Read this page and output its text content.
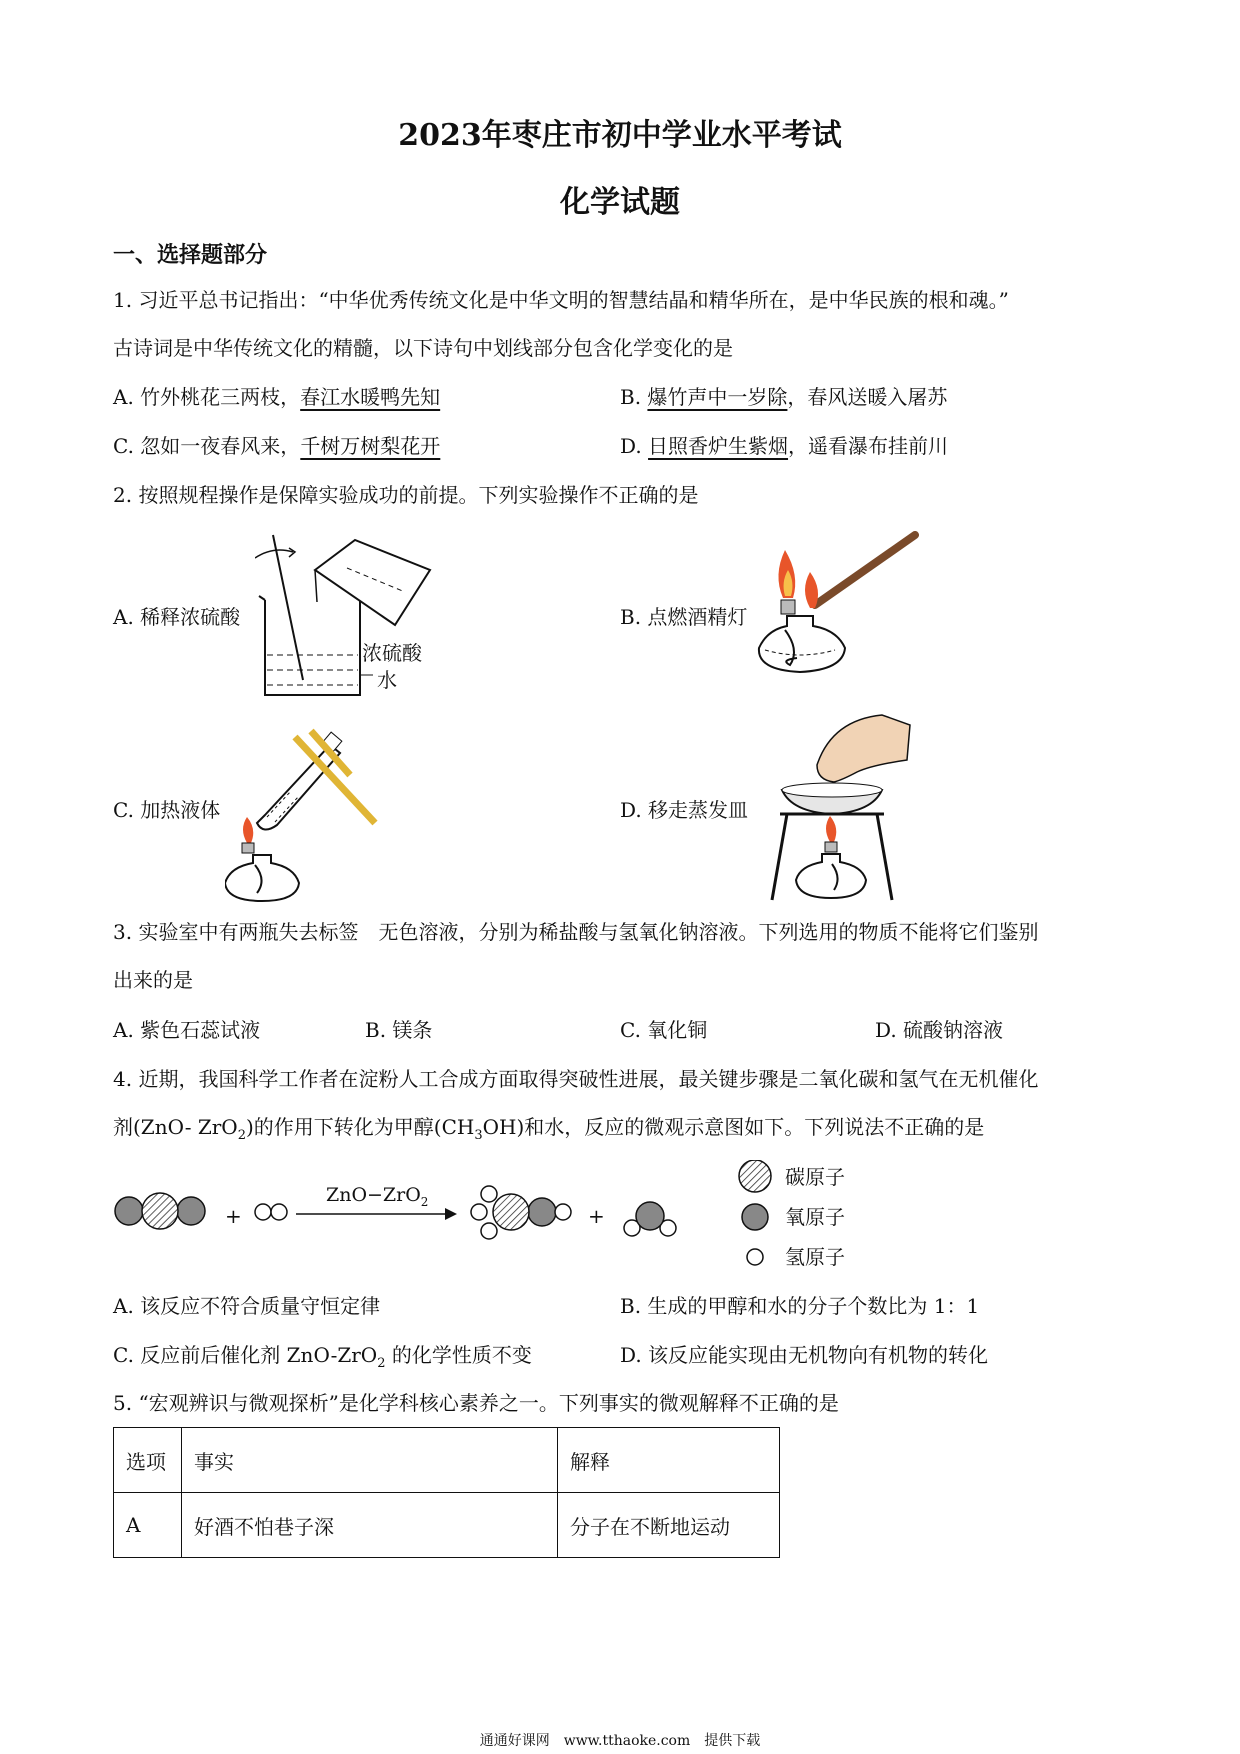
2023年枣庄市初中学业水平考试
化学试题
一、选择题部分
1. 习近平总书记指出：“中华优秀传统文化是中华文明的智慧结晶和精华所在，是中华民族的根和魂。”
古诗词是中华传统文化的精髓，以下诗句中划线部分包含化学变化的是
A. 竹外桃花三两枝，春江水暖鸭先知	B. 爆竹声中一岁除，春风送暖入屠苏
C. 忽如一夜春风来，千树万树梨花开	D. 日照香炉生紫烟，遥看瀑布挂前川
2. 按照规程操作是保障实验成功的前提。下列实验操作不正确的是
A. 稀释浓硫酸	B. 点燃酒精灯
C. 加热液体	D. 移走蒸发皿
浓硫酸
水
3. 实验室中有两瓶失去标签　无色溶液，分别为稀盐酸与氢氧化钠溶液。下列选用的物质不能将它们鉴别
出来的是
A. 紫色石蕊试液	B. 镁条	C. 氧化铜	D. 硫酸钠溶液
4. 近期，我国科学工作者在淀粉人工合成方面取得突破性进展，最关键步骤是二氧化碳和氢气在无机催化
剂(ZnO- ZrO$_2$)的作用下转化为甲醇$(CH_3OH)$和水，反应的微观示意图如下。下列说法不正确的是
+	+
ZnO−ZrO$_2$
碳原子
氧原子
氢原子
A. 该反应不符合质量守恒定律	B. 生成的甲醇和水的分子个数比为 1：1
C. 反应前后催化剂 ZnO-ZrO$_2$ 的化学性质不变	D. 该反应能实现由无机物向有机物的转化
5. “宏观辨识与微观探析”是化学科核心素养之一。下列事实的微观解释不正确的是
选项	事实	解释
A	好酒不怕巷子深	分子在不断地运动
通通好课网　www.tthaoke.com　提供下载
